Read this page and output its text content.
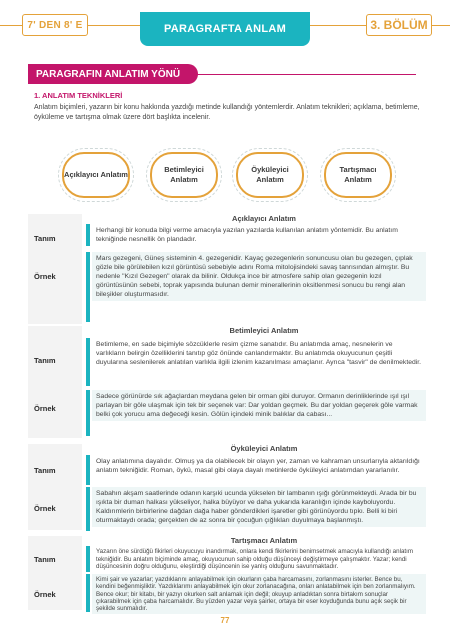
7' DEN 8' E	PARAGRAFTA ANLAM	3. BÖLÜM
PARAGRAFIN ANLATIM YÖNÜ
1. ANLATIM TEKNİKLERİ
Anlatım biçimleri, yazarın bir konu hakkında yazdığı metinde kullandığı yöntemlerdir. Anlatım teknikleri; açıklama, betimleme, öyküleme ve tartışma olmak üzere dört başlıkta incelenir.
Açıklayıcı Anlatım
Betimleyici Anlatım
Öyküleyici Anlatım
Tartışmacı Anlatım
Açıklayıcı Anlatım
Tanım
Herhangi bir konuda bilgi verme amacıyla yazılan yazılarda kullanılan anlatım yöntemidir. Bu anlatım tekniğinde nesnellik ön plandadır.
Örnek
Mars gezegeni, Güneş sisteminin 4. gezegenidir. Kayaç gezegenlerin sonuncusu olan bu gezegen, çıplak gözle bile görülebilen kızıl görüntüsü sebebiyle adını Roma mitolojisindeki savaş tanrısından almıştır. Bu nedenle "Kızıl Gezegen" olarak da bilinir. Oldukça ince bir atmosfere sahip olan gezegenin kızıl görüntüsünün sebebi, toprak yapısında bulunan demir minerallerinin oksitlenmesi sonucu bu rengi alan bileşikler oluşturmasıdır.
Betimleyici Anlatım
Tanım
Betimleme, en sade biçimiyle sözcüklerle resim çizme sanatıdır. Bu anlatımda amaç, nesnelerin ve varlıkların belirgin özelliklerini tanıtıp göz önünde canlandırmaktır. Bu anlatımda okuyucunun çeşitli duyularına seslenilerek anlatılan varlıkla ilgili izlenim kazanılması amaçlanır. Ayrıca "tasvir" de denilmektedir.
Örnek
Sadece görünürde sık ağaçlardan meydana gelen bir orman gibi duruyor. Ormanın derinliklerinde ışıl ışıl parlayan bir göle ulaşmak için tek bir seçenek var: Dar yoldan geçmek. Bu dar yoldan geçerek göle varmak belki çok yorucu ama değeceği kesin. Gölün içindeki minik balıklar da cabası...
Öyküleyici Anlatım
Tanım
Olay anlatımına dayalıdır. Olmuş ya da olabilecek bir olayın yer, zaman ve kahraman unsurlarıyla aktarıldığı anlatım tekniğidir. Roman, öykü, masal gibi olaya dayalı metinlerde öyküleyici anlatımdan yararlanılır.
Örnek
Sabahın akşam saatlerinde odanın karşıki ucunda yükselen bir lambanın ışığı görünmekteydi. Arada bir bu ışıkta bir duman halkası yükseliyor, halka büyüyor ve daha yukarıda karanlığın içinde kayboluyordu. Kaldırımlerin birbirlerine dağdan dağa haber gönderdikleri işaretler gibi görünüyordu tıpkı. Belli ki biri oturmaktaydı orada; gerçekten de az sonra bir çocuğun çığlıkları duyulmaya başlanmıştı.
Tartışmacı Anlatım
Tanım
Yazarın öne sürdüğü fikirleri okuyucuyu inandırmak, onlara kendi fikirlerini benimsetmek amacıyla kullandığı anlatım tekniğidir. Bu anlatım biçiminde amaç, okuyucunun sahip olduğu düşünceyi değiştirmeye çalışmaktır. Yazar; kendi düşüncesinin doğru olduğunu, eleştirdiği düşüncenin ise yanlış olduğunu savunmaktadır.
Örnek
Kimi şair ve yazarlar; yazdıklarını anlayabilmek için okurların çaba harcamasını, zorlanmasını isterler. Bence bu, kendini beğenmişliktir. Yazdıklarımı anlayabilmek için okur zorlanacağına, onları anlatabilmek için ben zorlanmalıyım. Bence okur; bir kitabı, bir yazıyı okurken salt anlamak için değil; okuyup anladıktan sonra birtakım sonuçlar çıkarabilmek için çaba harcamalıdır. Bu yüzden yazar veya şairler, ortaya bir eser koyduğunda bunu açık seçik bir şekilde sunmalıdır.
77
